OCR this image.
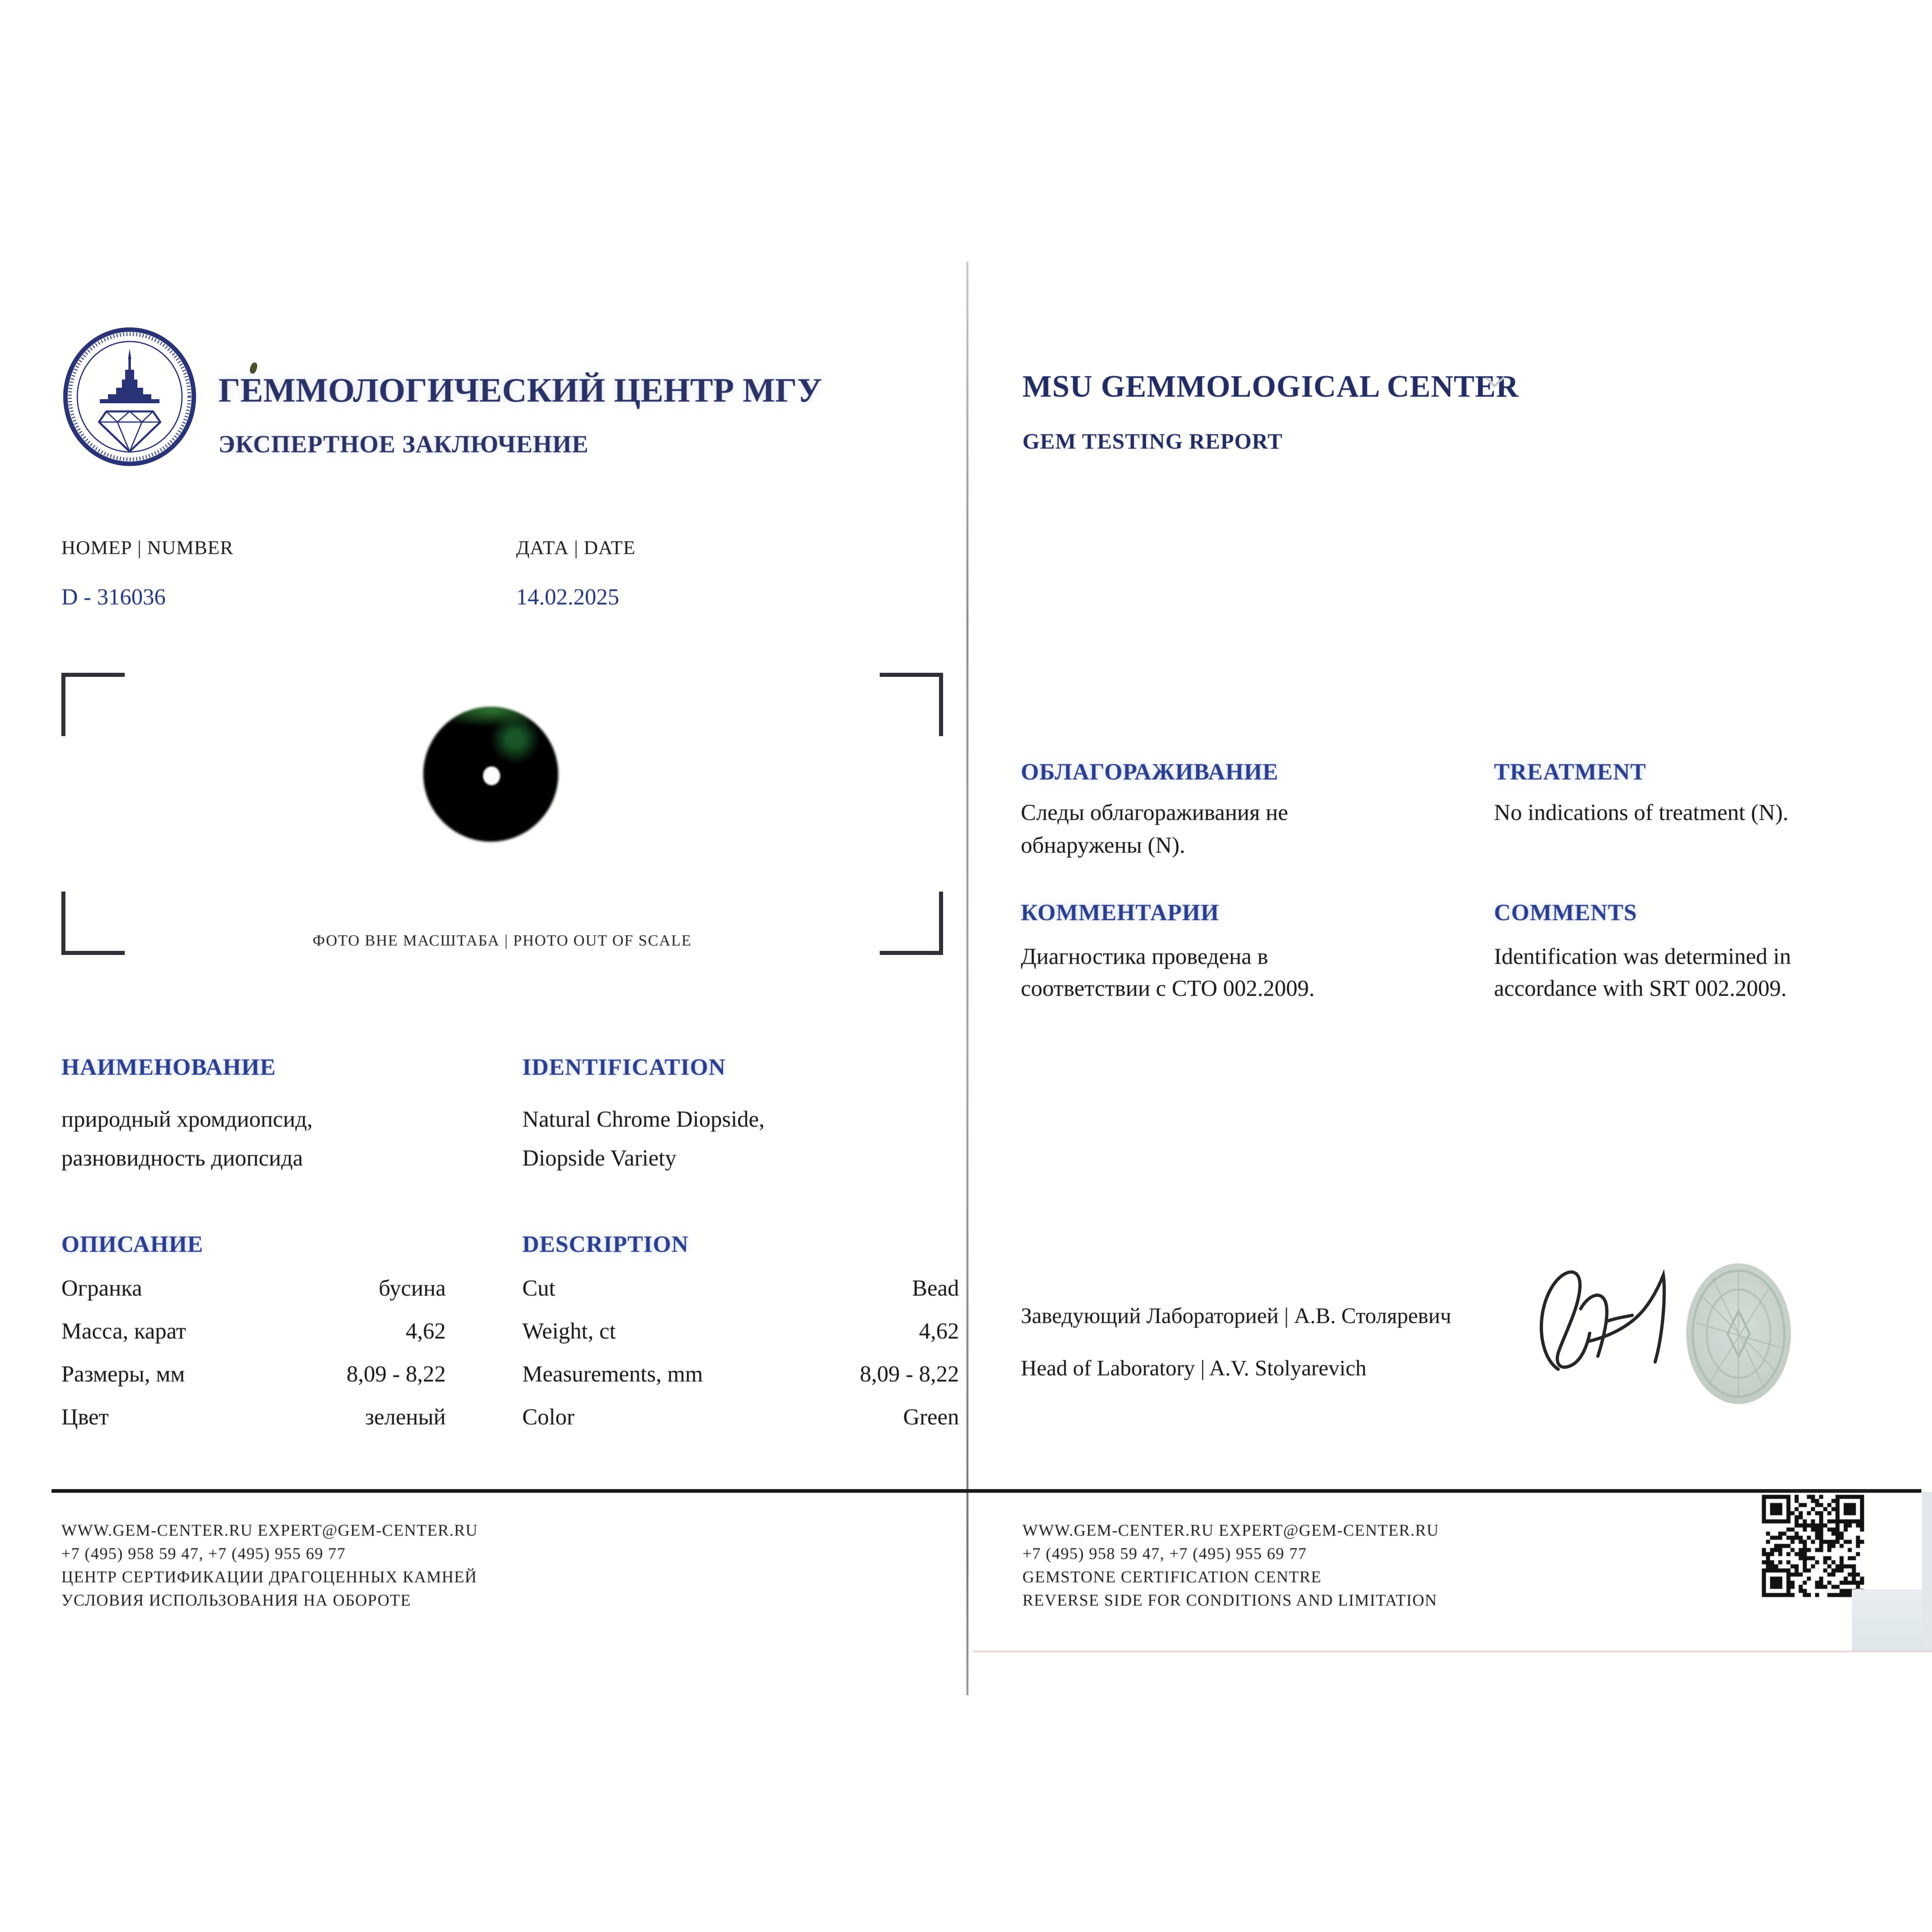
ГЕММОЛОГИЧЕСКИЙ ЦЕНТР МГУ
ЭКСПЕРТНОЕ ЗАКЛЮЧЕНИЕ
НОМЕР | NUMBER
D - 316036
ДАТА | DATE
14.02.2025
ФОТО ВНЕ МАСШТАБА | PHOTO OUT OF SCALE
НАИМЕНОВАНИЕ	IDENTIFICATION
природный хромдиопсид,
разновидность диопсида
Natural Chrome Diopside,
Diopside Variety
ОПИСАНИЕ	DESCRIPTION
Огранка	бусина	Cut	Bead
Масса, карат	4,62	Weight, ct	4,62
Размеры, мм	8,09 - 8,22	Measurements, mm	8,09 - 8,22
Цвет	зеленый	Color	Green
WWW.GEM-CENTER.RU EXPERT@GEM-CENTER.RU
+7 (495) 958 59 47, +7 (495) 955 69 77
ЦЕНТР СЕРТИФИКАЦИИ ДРАГОЦЕННЫХ КАМНЕЙ
УСЛОВИЯ ИСПОЛЬЗОВАНИЯ НА ОБОРОТЕ
MSU GEMMOLOGICAL CENTER
GEM TESTING REPORT
ОБЛАГОРАЖИВАНИЕ	TREATMENT
Следы облагораживания не
обнаружены (N).
No indications of treatment (N).
КОММЕНТАРИИ	COMMENTS
Диагностика проведена в
соответствии с СТО 002.2009.
Identification was determined in
accordance with SRT 002.2009.
Заведующий Лабораторией | А.В. Столяревич
Head of Laboratory | A.V. Stolyarevich
WWW.GEM-CENTER.RU EXPERT@GEM-CENTER.RU
+7 (495) 958 59 47, +7 (495) 955 69 77
GEMSTONE CERTIFICATION CENTRE
REVERSE SIDE FOR CONDITIONS AND LIMITATION
